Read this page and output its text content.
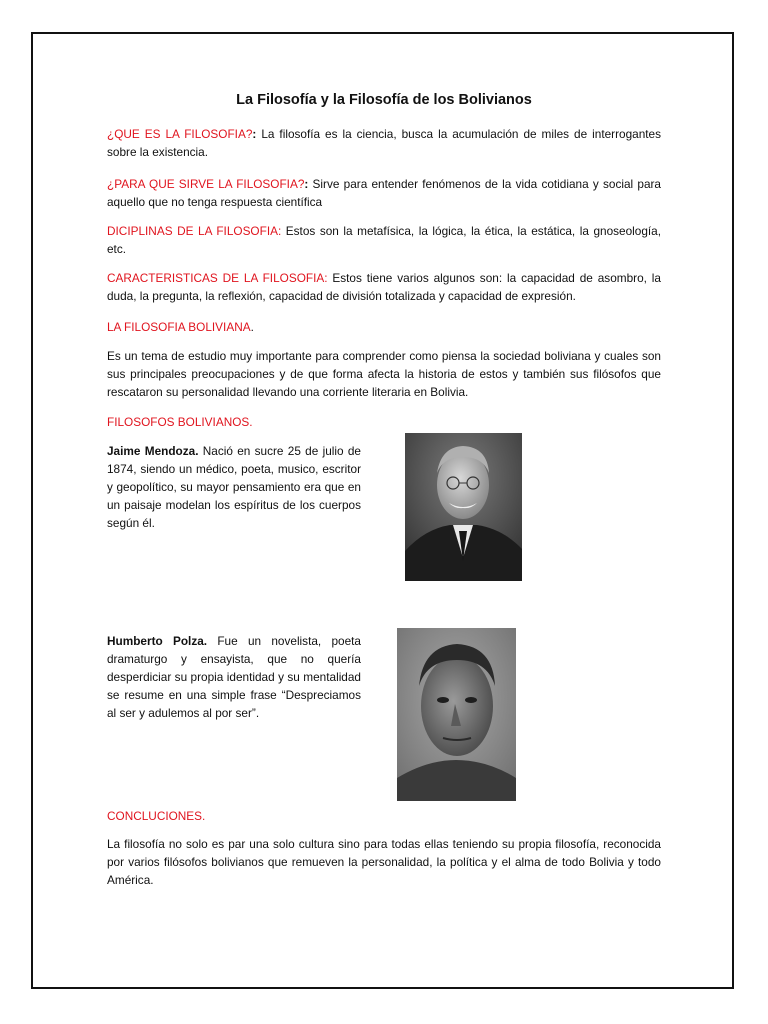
La Filosofía y la Filosofía de los Bolivianos

¿QUE ES LA FILOSOFIA?: La filosofía es la ciencia, busca la acumulación de miles de interrogantes sobre la existencia.

¿PARA QUE SIRVE LA FILOSOFIA?: Sirve para entender fenómenos de la vida cotidiana y social para aquello que no tenga respuesta científica

DICIPLINAS DE LA FILOSOFIA: Estos son la metafísica, la lógica, la ética, la estática, la gnoseología, etc.

CARACTERISTICAS DE LA FILOSOFIA: Estos tiene varios algunos son: la capacidad de asombro, la duda, la pregunta, la reflexión, capacidad de división totalizada y capacidad de expresión.

LA FILOSOFIA BOLIVIANA.

Es un tema de estudio muy importante para comprender como piensa la sociedad boliviana y cuales son sus principales preocupaciones y de que forma afecta la historia de estos y también sus filósofos que rescataron su personalidad llevando una corriente literaria en Bolivia.

FILOSOFOS BOLIVIANOS.

Jaime Mendoza. Nació en sucre 25 de julio de 1874, siendo un médico, poeta, musico, escritor y geopolítico, su mayor pensamiento era que en un paisaje modelan los espíritus de los cuerpos según él.

Humberto Polza. Fue un novelista, poeta dramaturgo y ensayista, que no quería desperdiciar su propia identidad y su mentalidad se resume en una simple frase “Despreciamos al ser y adulemos al por ser”.

CONCLUCIONES.

La filosofía no solo es par una solo cultura sino para todas ellas teniendo su propia filosofía, reconocida por varios filósofos bolivianos que remueven la personalidad, la política y el alma de todo Bolivia y todo América.
